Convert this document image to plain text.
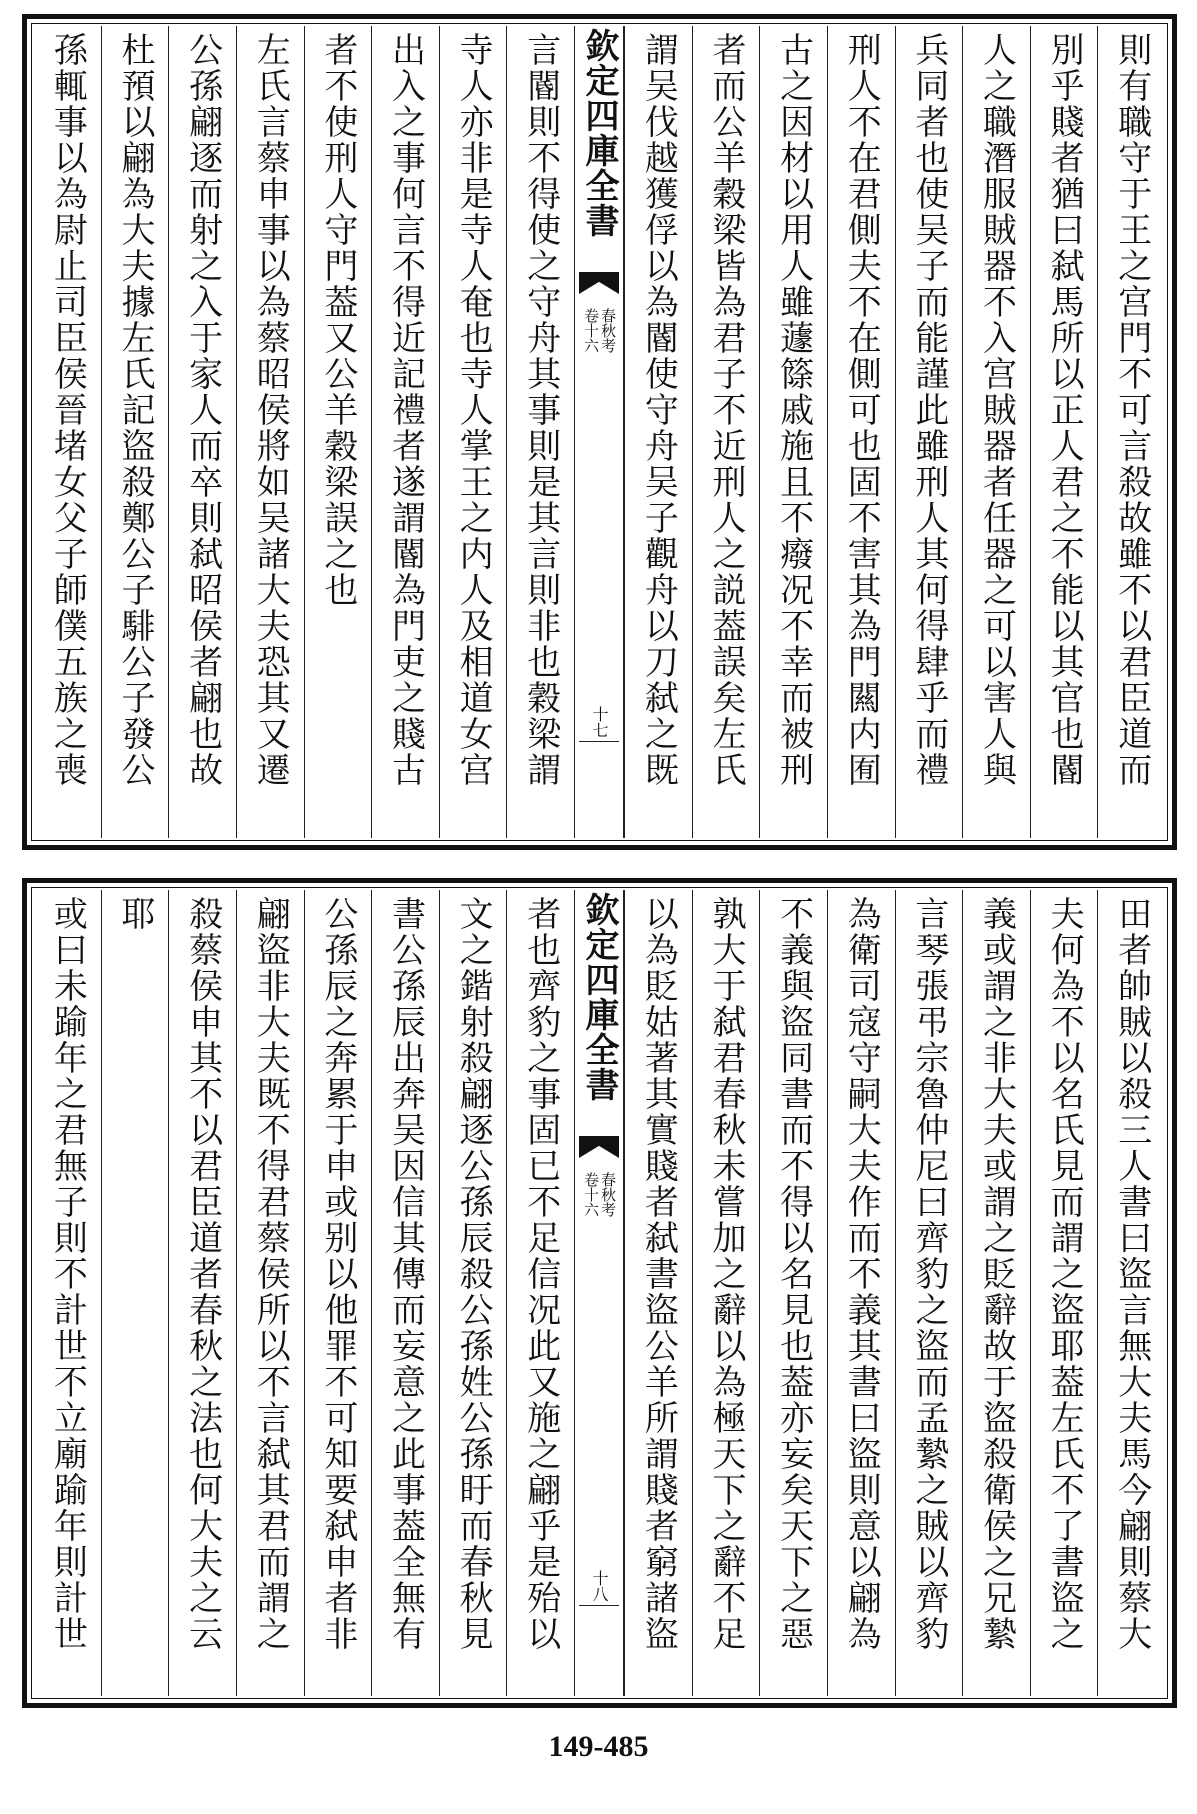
則有職守于王之宫門不可言殺故雖不以君臣道而
別乎賤者猶曰弑馬所以正人君之不能以其官也閽
人之職潛服賊器不入宫賊器者任器之可以害人與
兵同者也使吴子而能謹此雖刑人其何得肆乎而禮
刑人不在君側夫不在側可也固不害其為門闗内囿
古之因材以用人雖蘧篨戚施且不癈况不幸而被刑
者而公羊穀梁皆為君子不近刑人之説葢誤矣左氏
謂吴伐越獲俘以為閽使守舟吴子觀舟以刀弑之既
欽定四庫全書
春秋考
卷十六
十七
言閽則不得使之守舟其事則是其言則非也穀梁謂
寺人亦非是寺人奄也寺人掌王之内人及相道女宫
出入之事何言不得近記禮者遂謂閽為門吏之賤古
者不使刑人守門葢又公羊穀梁誤之也
左氏言蔡申事以為蔡昭侯將如吴諸大夫恐其又遷
公孫翩逐而射之入于家人而卒則弑昭侯者翩也故
杜預以翩為大夫據左氏記盜殺鄭公子騑公子發公
孫輒事以為尉止司臣侯晉堵女父子師僕五族之喪
田者帥賊以殺三人書曰盜言無大夫馬今翩則蔡大
夫何為不以名氏見而謂之盜耶葢左氏不了書盜之
義或謂之非大夫或謂之貶辭故于盜殺衛侯之兄縶
言琴張弔宗魯仲尼曰齊豹之盜而孟縶之賊以齊豹
為衛司寇守嗣大夫作而不義其書曰盜則意以翩為
不義與盜同書而不得以名見也葢亦妄矣天下之惡
孰大于弑君春秋未嘗加之辭以為極天下之辭不足
以為貶姑著其實賤者弑書盜公羊所謂賤者窮諸盜
欽定四庫全書
春秋考
卷十六
十八
者也齊豹之事固已不足信况此又施之翩乎是殆以
文之鍇射殺翩逐公孫辰殺公孫姓公孫盱而春秋見
書公孫辰出奔吴因信其傳而妄意之此事葢全無有
公孫辰之奔累于申或别以他罪不可知要弑申者非
翩盜非大夫既不得君蔡侯所以不言弑其君而謂之
殺蔡侯申其不以君臣道者春秋之法也何大夫之云
耶
或曰未踰年之君無子則不計世不立廟踰年則計世
149-485
